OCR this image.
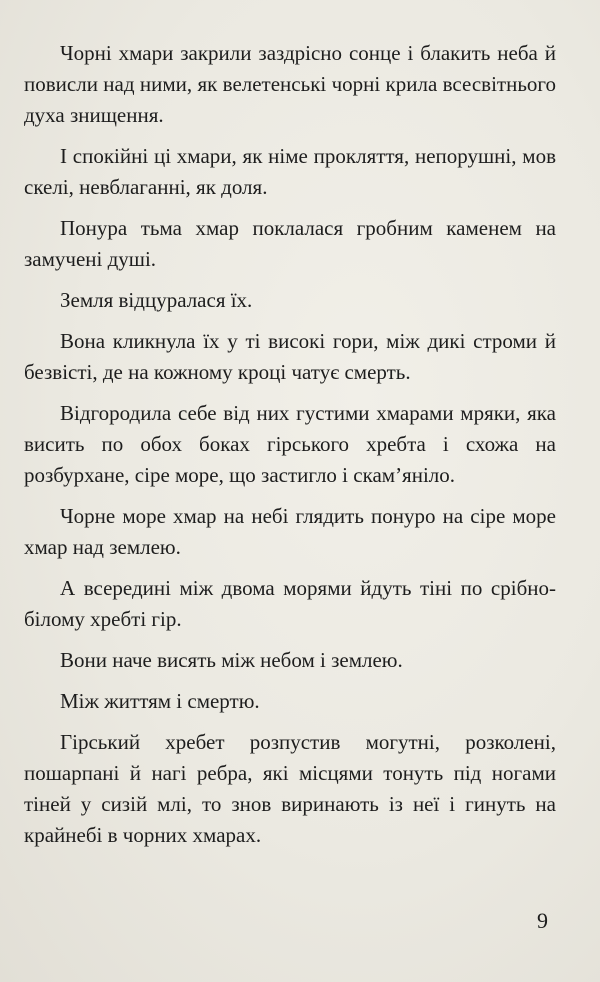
Чорні хмари закрили заздрісно сонце і блакить неба й повисли над ними, як велетенські чорні крила всесвітнього духа знищення.

І спокійні ці хмари, як німе прокляття, непорушні, мов скелі, невблаганні, як доля.

Понура тьма хмар поклалася гробним каменем на замучені душі.

Земля відцуралася їх.

Вона кликнула їх у ті високі гори, між дикі строми й безвісті, де на кожному кроці чатує смерть.

Відгородила себе від них густими хмарами мряки, яка висить по обох боках гірського хребта і схожа на розбурхане, сіре море, що застигло і скам’яніло.

Чорне море хмар на небі глядить понуро на сіре море хмар над землею.

А всередині між двома морями йдуть тіні по срібно-білому хребті гір.

Вони наче висять між небом і землею.

Між життям і смертю.

Гірський хребет розпустив могутні, розколені, пошарпані й нагі ребра, які місцями тонуть під ногами тіней у сизій млі, то знов виринають із неї і гинуть на крайнебі в чорних хмарах.

9
